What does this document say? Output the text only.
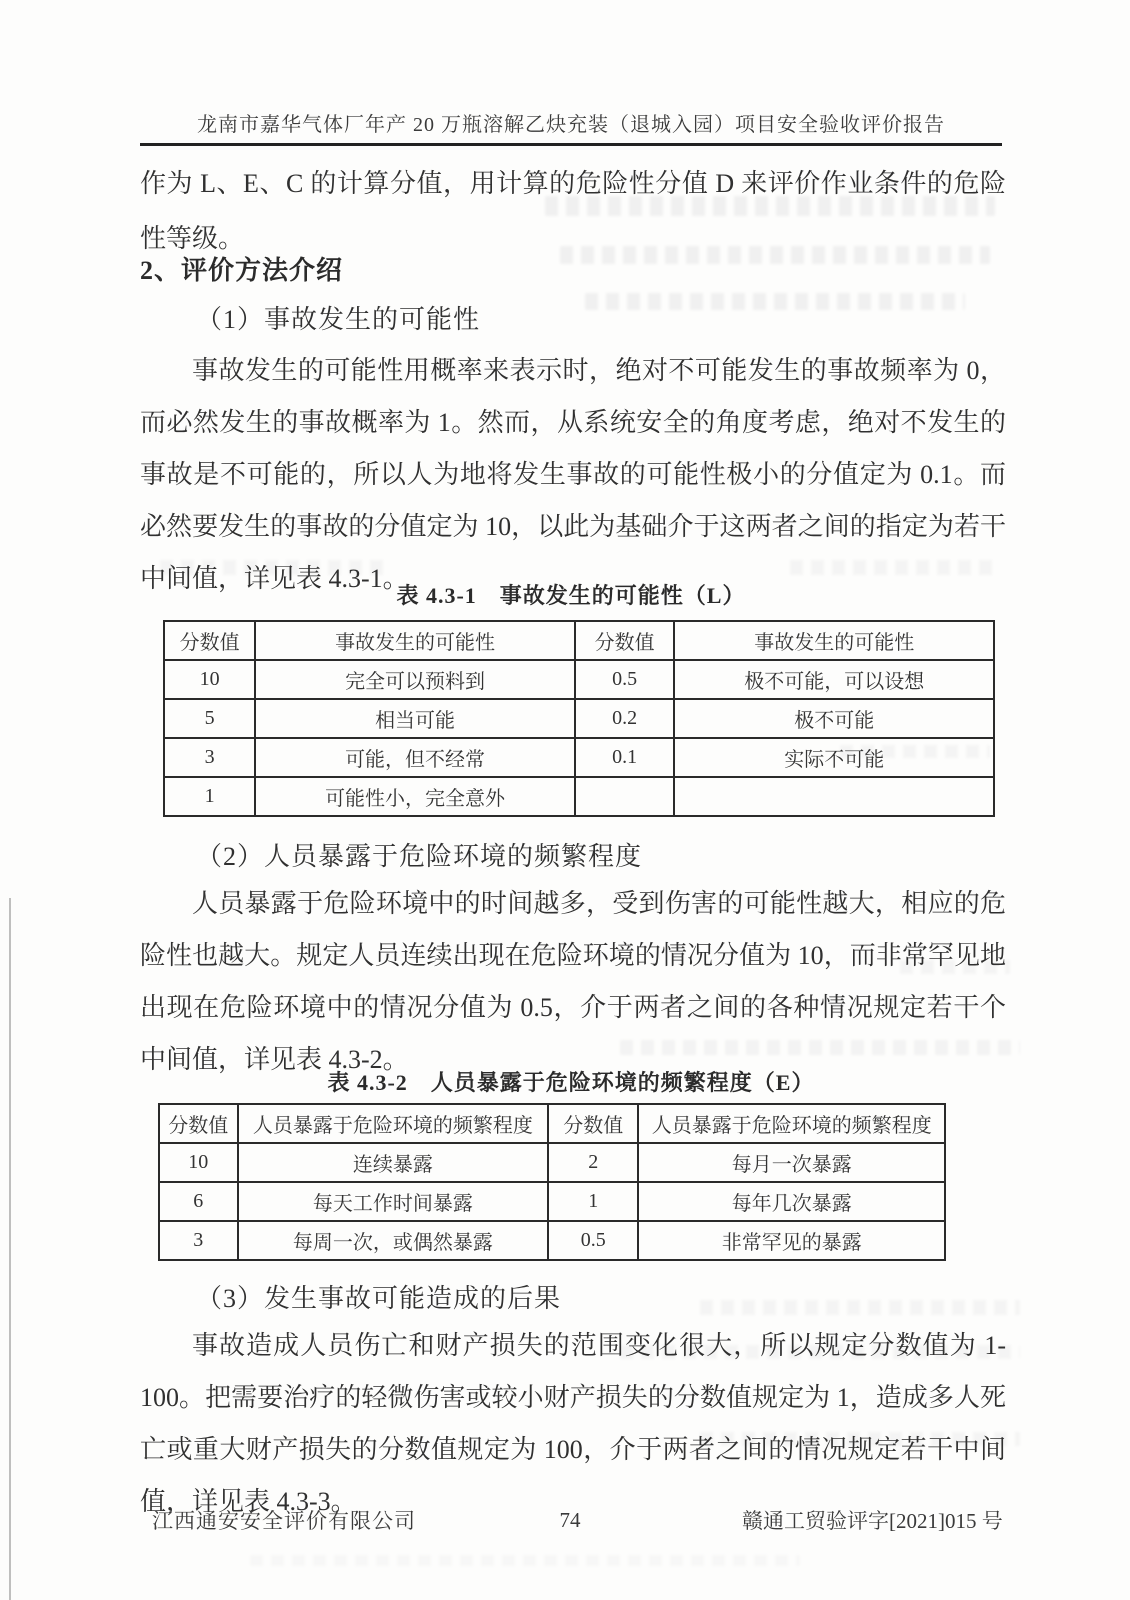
龙南市嘉华气体厂年产 20 万瓶溶解乙炔充装（退城入园）项目安全验收评价报告
作为 L、E、C 的计算分值，用计算的危险性分值 D 来评价作业条件的危险性等级。
2、评价方法介绍
（1）事故发生的可能性
事故发生的可能性用概率来表示时，绝对不可能发生的事故频率为 0，而必然发生的事故概率为 1。然而，从系统安全的角度考虑，绝对不发生的事故是不可能的，所以人为地将发生事故的可能性极小的分值定为 0.1。而必然要发生的事故的分值定为 10，以此为基础介于这两者之间的指定为若干中间值，详见表 4.3-1。
表 4.3-1　事故发生的可能性（L）
分数值	事故发生的可能性	分数值	事故发生的可能性
10	完全可以预料到	0.5	极不可能，可以设想
5	相当可能	0.2	极不可能
3	可能，但不经常	0.1	实际不可能
1	可能性小，完全意外		
（2）人员暴露于危险环境的频繁程度
人员暴露于危险环境中的时间越多，受到伤害的可能性越大，相应的危险性也越大。规定人员连续出现在危险环境的情况分值为 10，而非常罕见地出现在危险环境中的情况分值为 0.5，介于两者之间的各种情况规定若干个中间值，详见表 4.3-2。
表 4.3-2　人员暴露于危险环境的频繁程度（E）
分数值	人员暴露于危险环境的频繁程度	分数值	人员暴露于危险环境的频繁程度
10	连续暴露	2	每月一次暴露
6	每天工作时间暴露	1	每年几次暴露
3	每周一次，或偶然暴露	0.5	非常罕见的暴露
（3）发生事故可能造成的后果
事故造成人员伤亡和财产损失的范围变化很大，所以规定分数值为 1-100。把需要治疗的轻微伤害或较小财产损失的分数值规定为 1，造成多人死亡或重大财产损失的分数值规定为 100，介于两者之间的情况规定若干中间值，详见表 4.3-3。
江西通安安全评价有限公司	74	赣通工贸验评字[2021]015 号
